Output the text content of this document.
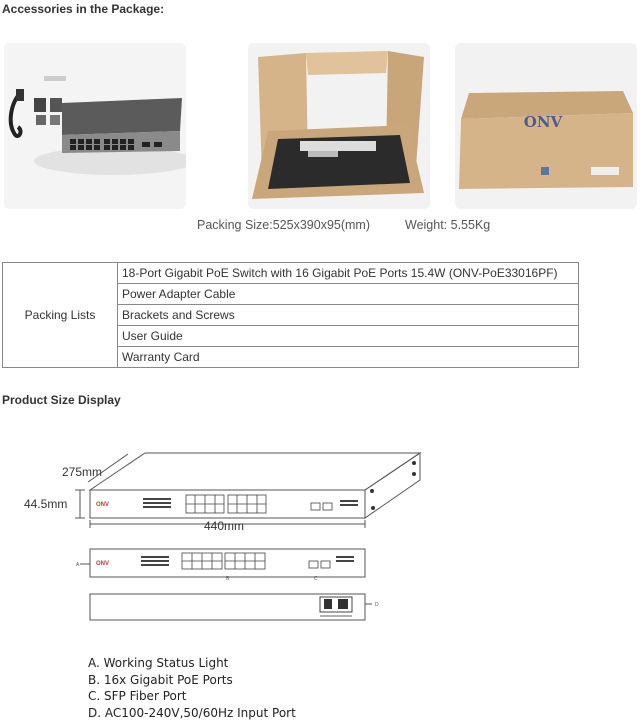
Accessories in the Package:
ONV
Packing Size:525x390x95(mm)	Weight: 5.55Kg
Packing Lists	18-Port Gigabit PoE Switch with 16 Gigabit PoE Ports 15.4W (ONV-PoE33016PF)
Power Adapter Cable
Brackets and Screws
User Guide
Warranty Card
Product Size Display
ONV
ONV
275mm
44.5mm
440mm
A
B	C
D
A. Working Status Light
B. 16x Gigabit PoE Ports
C. SFP Fiber Port
D. AC100-240V,50/60Hz Input Port
